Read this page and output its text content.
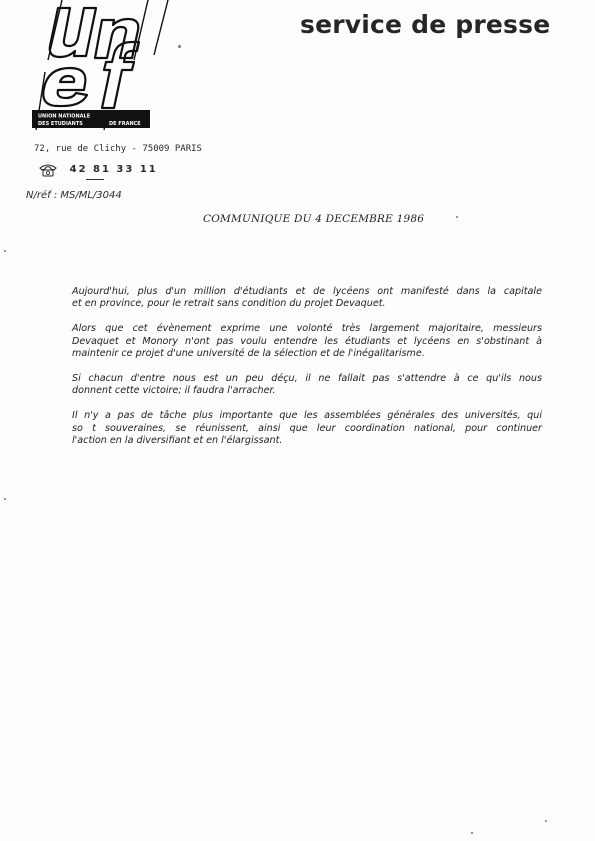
UNION NATIONALE
DES ETUDIANTS	DE FRANCE
service de presse
72, rue de Clichy - 75009 PARIS
42 81 33 11
N/réf : MS/ML/3044
COMMUNIQUE DU 4 DECEMBRE 1986

Aujourd'hui, plus d'un million d'étudiants et de lycéens ont manifesté dans la capitale
et en province, pour le retrait sans condition du projet Devaquet.

Alors que cet évènement exprime une volonté très largement majoritaire, messieurs
Devaquet et Monory n'ont pas voulu entendre les étudiants et lycéens en s'obstinant à
maintenir ce projet d'une université de la sélection et de l'inégalitarisme.

Si chacun d'entre nous est un peu déçu, il ne fallait pas s'attendre à ce qu'ils nous
donnent cette victoire; il faudra l'arracher.

Il n'y a pas de tâche plus importante que les assemblées générales des universités, qui
so t souveraines, se réunissent, ainsi que leur coordination national, pour continuer
l'action en la diversifiant et en l'élargissant.
